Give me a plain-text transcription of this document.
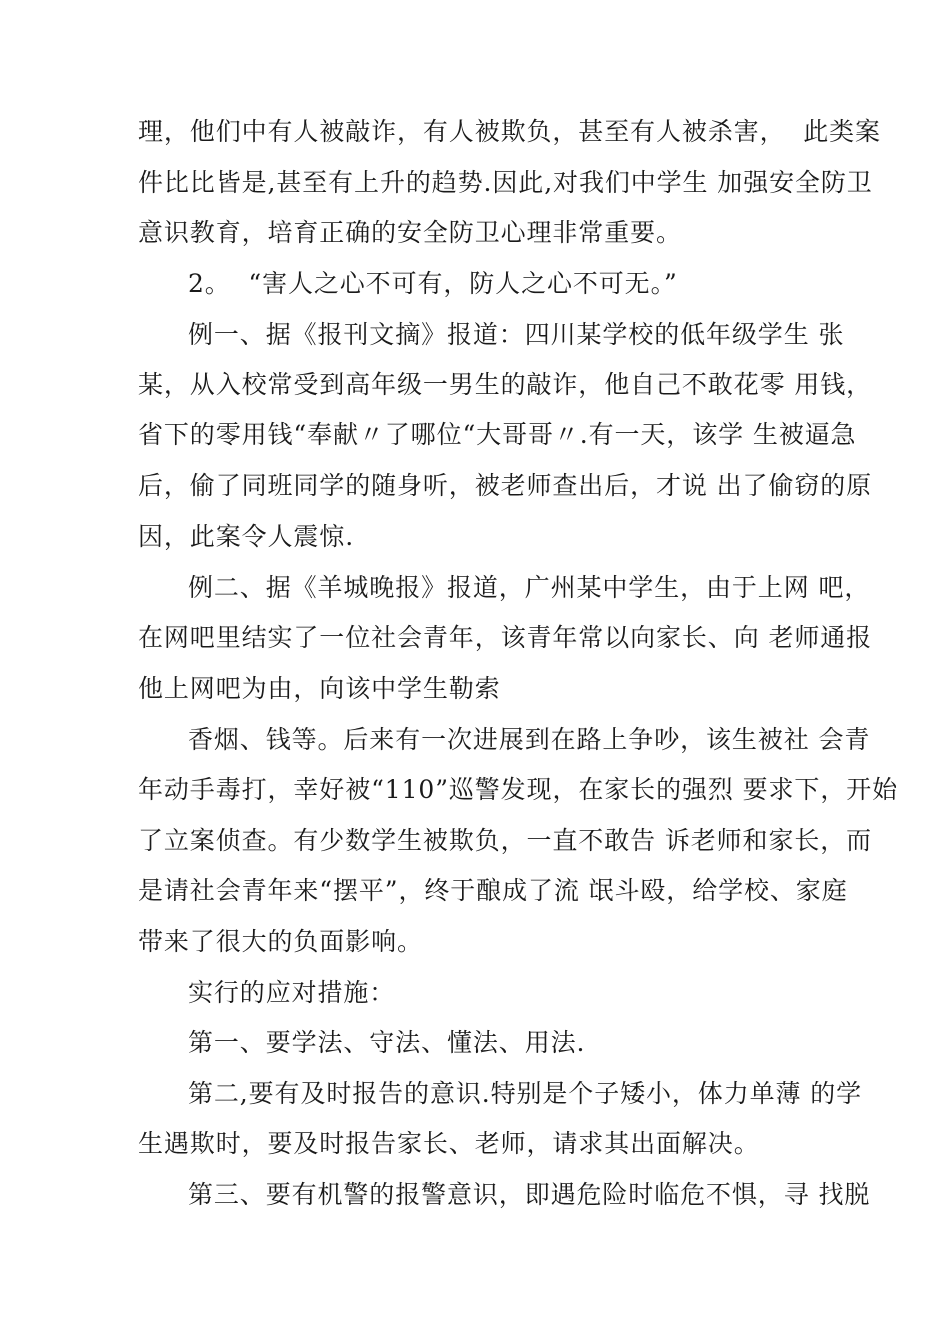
理，他们中有人被敲诈，有人被欺负，甚至有人被杀害，  此类案
件比比皆是,甚至有上升的趋势.因此,对我们中学生 加强安全防卫
意识教育，培育正确的安全防卫心理非常重要。
2。  “害人之心不可有，防人之心不可无。”
例一、据《报刊文摘》报道：四川某学校的低年级学生 张
某，从入校常受到高年级一男生的敲诈，他自己不敢花零 用钱，
省下的零用钱“奉献〃了哪位“大哥哥〃.有一天，该学 生被逼急
后，偷了同班同学的随身听，被老师查出后，才说 出了偷窃的原
因，此案令人震惊.
例二、据《羊城晚报》报道，广州某中学生，由于上网 吧，
在网吧里结实了一位社会青年，该青年常以向家长、向 老师通报
他上网吧为由，向该中学生勒索
香烟、钱等。后来有一次进展到在路上争吵，该生被社 会青
年动手毒打，幸好被“110”巡警发现，在家长的强烈 要求下，开始
了立案侦查。有少数学生被欺负，一直不敢告 诉老师和家长，而
是请社会青年来“摆平”，终于酿成了流 氓斗殴，给学校、家庭
带来了很大的负面影响。
实行的应对措施：
第一、要学法、守法、懂法、用法.
第二,要有及时报告的意识.特别是个子矮小，体力单薄 的学
生遇欺时，要及时报告家长、老师，请求其出面解决。
第三、要有机警的报警意识，即遇危险时临危不惧，寻 找脱
